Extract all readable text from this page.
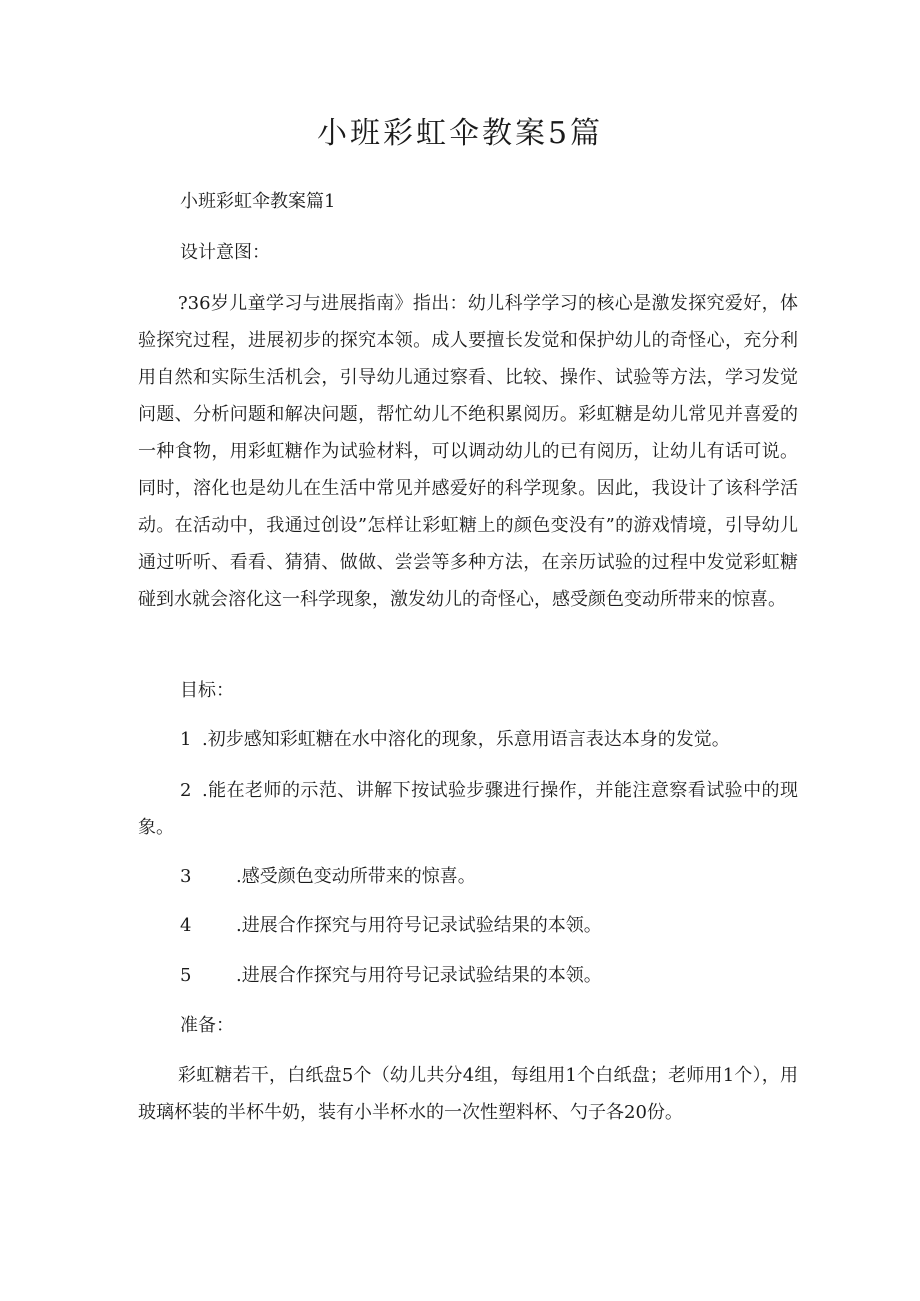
小班彩虹伞教案5篇

小班彩虹伞教案篇1

设计意图：

?36岁儿童学习与进展指南》指出：幼儿科学学习的核心是激发探究爱好，体验探究过程，进展初步的探究本领。成人要擅长发觉和保护幼儿的奇怪心，充分利用自然和实际生活机会，引导幼儿通过察看、比较、操作、试验等方法，学习发觉问题、分析问题和解决问题，帮忙幼儿不绝积累阅历。彩虹糖是幼儿常见并喜爱的一种食物，用彩虹糖作为试验材料，可以调动幼儿的已有阅历，让幼儿有话可说。同时，溶化也是幼儿在生活中常见并感爱好的科学现象。因此，我设计了该科学活动。在活动中，我通过创设”怎样让彩虹糖上的颜色变没有”的游戏情境，引导幼儿通过听听、看看、猜猜、做做、尝尝等多种方法，在亲历试验的过程中发觉彩虹糖碰到水就会溶化这一科学现象，激发幼儿的奇怪心，感受颜色变动所带来的惊喜。

目标：

1 .初步感知彩虹糖在水中溶化的现象，乐意用语言表达本身的发觉。

2 .能在老师的示范、讲解下按试验步骤进行操作，并能注意察看试验中的现象。

3 .感受颜色变动所带来的惊喜。

4 .进展合作探究与用符号记录试验结果的本领。

5 .进展合作探究与用符号记录试验结果的本领。

准备：

彩虹糖若干，白纸盘5个（幼儿共分4组，每组用1个白纸盘；老师用1个），用玻璃杯装的半杯牛奶，装有小半杯水的一次性塑料杯、勺子各20份。
